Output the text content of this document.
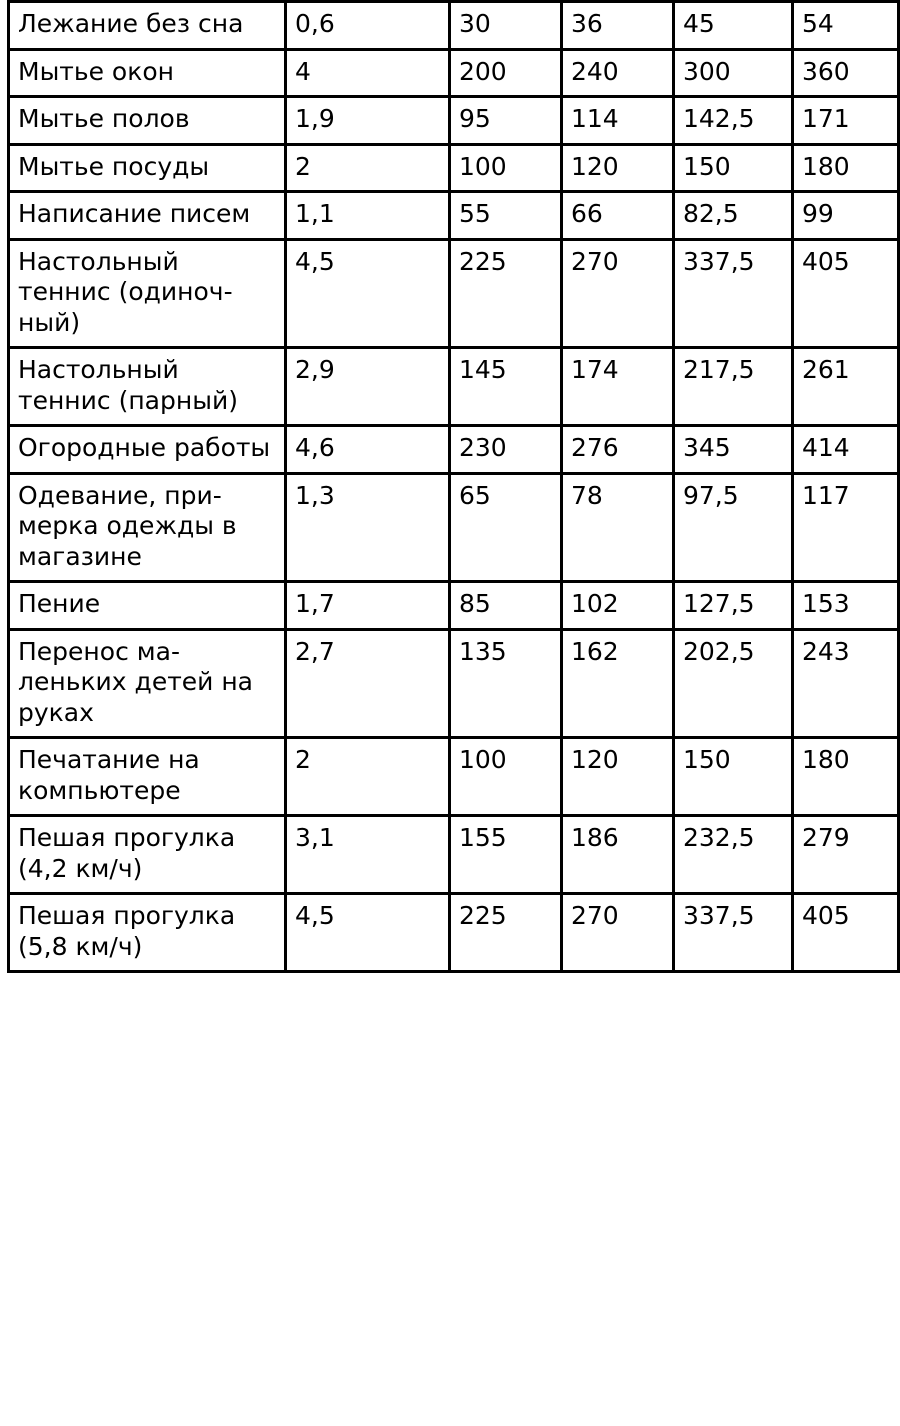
Лежание без сна	0,6	30	36	45	54
Мытье окон	4	200	240	300	360
Мытье полов	1,9	95	114	142,5	171
Мытье посуды	2	100	120	150	180
Написание писем	1,1	55	66	82,5	99
Настольный теннис (одиночный)	4,5	225	270	337,5	405
Настольный теннис (парный)	2,9	145	174	217,5	261
Огородные работы	4,6	230	276	345	414
Одевание, примерка одежды в магазине	1,3	65	78	97,5	117
Пение	1,7	85	102	127,5	153
Перенос маленьких детей на руках	2,7	135	162	202,5	243
Печатание на компьютере	2	100	120	150	180
Пешая прогулка (4,2 км/ч)	3,1	155	186	232,5	279
Пешая прогулка (5,8 км/ч)	4,5	225	270	337,5	405
